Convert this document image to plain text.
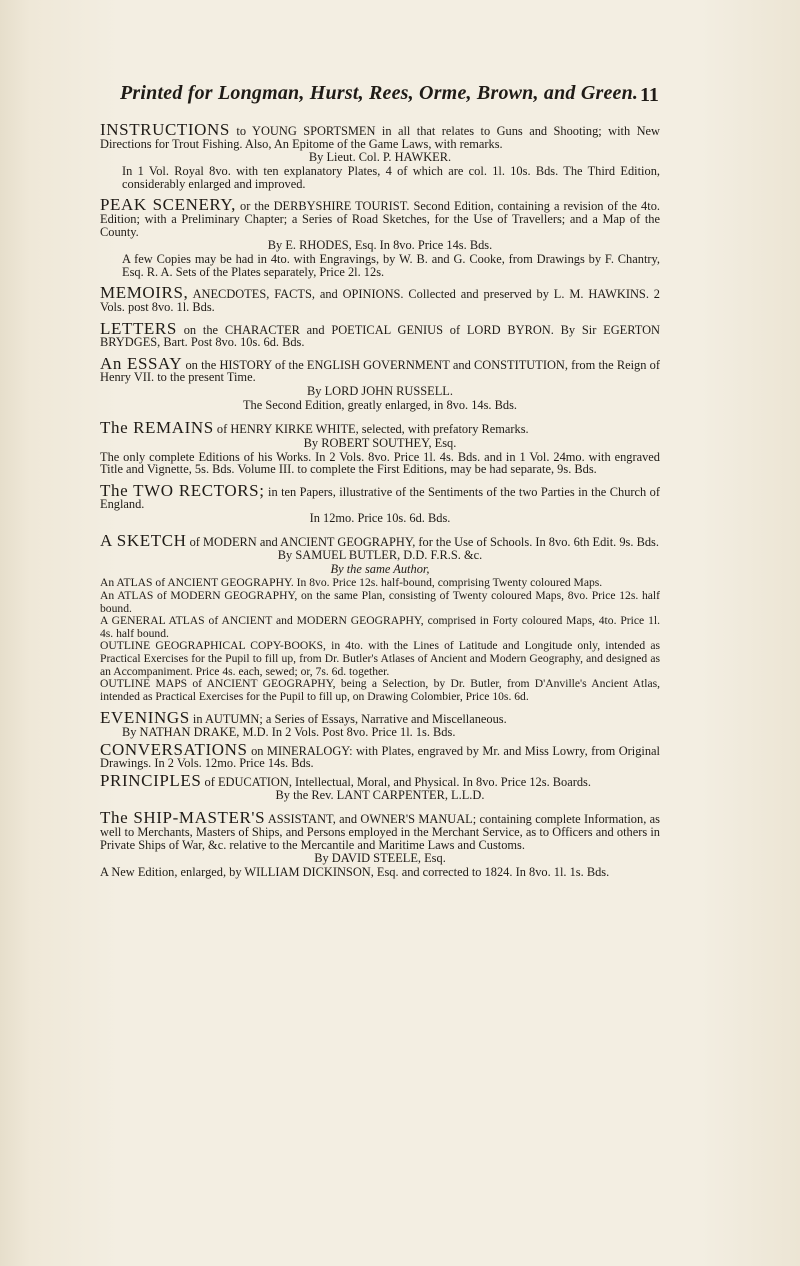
Printed for Longman, Hurst, Rees, Orme, Brown, and Green. 11

INSTRUCTIONS to YOUNG SPORTSMEN in all that relates to Guns and Shooting; with New Directions for Trout Fishing. Also, An Epitome of the Game Laws, with remarks.

By Lieut. Col. P. HAWKER.

In 1 Vol. Royal 8vo. with ten explanatory Plates, 4 of which are col. 1l. 10s. Bds. The Third Edition, considerably enlarged and improved.

PEAK SCENERY, or the DERBYSHIRE TOURIST. Second Edition, containing a revision of the 4to. Edition; with a Preliminary Chapter; a Series of Road Sketches, for the Use of Travellers; and a Map of the County.

By E. RHODES, Esq. In 8vo. Price 14s. Bds.

A few Copies may be had in 4to. with Engravings, by W. B. and G. Cooke, from Drawings by F. Chantry, Esq. R. A. Sets of the Plates separately, Price 2l. 12s.

MEMOIRS, ANECDOTES, FACTS, and OPINIONS. Collected and preserved by L. M. HAWKINS. 2 Vols. post 8vo. 1l. Bds.

LETTERS on the CHARACTER and POETICAL GENIUS of LORD BYRON. By Sir EGERTON BRYDGES, Bart. Post 8vo. 10s. 6d. Bds.

An ESSAY on the HISTORY of the ENGLISH GOVERNMENT and CONSTITUTION, from the Reign of Henry VII. to the present Time.

By LORD JOHN RUSSELL.

The Second Edition, greatly enlarged, in 8vo. 14s. Bds.

The REMAINS of HENRY KIRKE WHITE, selected, with prefatory Remarks.

By ROBERT SOUTHEY, Esq.

The only complete Editions of his Works. In 2 Vols. 8vo. Price 1l. 4s. Bds. and in 1 Vol. 24mo. with engraved Title and Vignette, 5s. Bds. Volume III. to complete the First Editions, may be had separate, 9s. Bds.

The TWO RECTORS; in ten Papers, illustrative of the Sentiments of the two Parties in the Church of England.

In 12mo. Price 10s. 6d. Bds.

A SKETCH of MODERN and ANCIENT GEOGRAPHY, for the Use of Schools. In 8vo. 6th Edit. 9s. Bds.

By SAMUEL BUTLER, D.D. F.R.S. &c.

By the same Author,

An ATLAS of ANCIENT GEOGRAPHY. In 8vo. Price 12s. half-bound, comprising Twenty coloured Maps.

An ATLAS of MODERN GEOGRAPHY, on the same Plan, consisting of Twenty coloured Maps, 8vo. Price 12s. half bound.

A GENERAL ATLAS of ANCIENT and MODERN GEOGRAPHY, comprised in Forty coloured Maps, 4to. Price 1l. 4s. half bound.

OUTLINE GEOGRAPHICAL COPY-BOOKS, in 4to. with the Lines of Latitude and Longitude only, intended as Practical Exercises for the Pupil to fill up, from Dr. Butler's Atlases of Ancient and Modern Geography, and designed as an Accompaniment. Price 4s. each, sewed; or, 7s. 6d. together.

OUTLINE MAPS of ANCIENT GEOGRAPHY, being a Selection, by Dr. Butler, from D'Anville's Ancient Atlas, intended as Practical Exercises for the Pupil to fill up, on Drawing Colombier, Price 10s. 6d.

EVENINGS in AUTUMN; a Series of Essays, Narrative and Miscellaneous.

By NATHAN DRAKE, M.D. In 2 Vols. Post 8vo. Price 1l. 1s. Bds.

CONVERSATIONS on MINERALOGY: with Plates, engraved by Mr. and Miss Lowry, from Original Drawings. In 2 Vols. 12mo. Price 14s. Bds.

PRINCIPLES of EDUCATION, Intellectual, Moral, and Physical. In 8vo. Price 12s. Boards.

By the Rev. LANT CARPENTER, L.L.D.

The SHIP-MASTER'S ASSISTANT, and OWNER'S MANUAL; containing complete Information, as well to Merchants, Masters of Ships, and Persons employed in the Merchant Service, as to Officers and others in Private Ships of War, &c. relative to the Mercantile and Maritime Laws and Customs.

By DAVID STEELE, Esq.

A New Edition, enlarged, by WILLIAM DICKINSON, Esq. and corrected to 1824. In 8vo. 1l. 1s. Bds.
